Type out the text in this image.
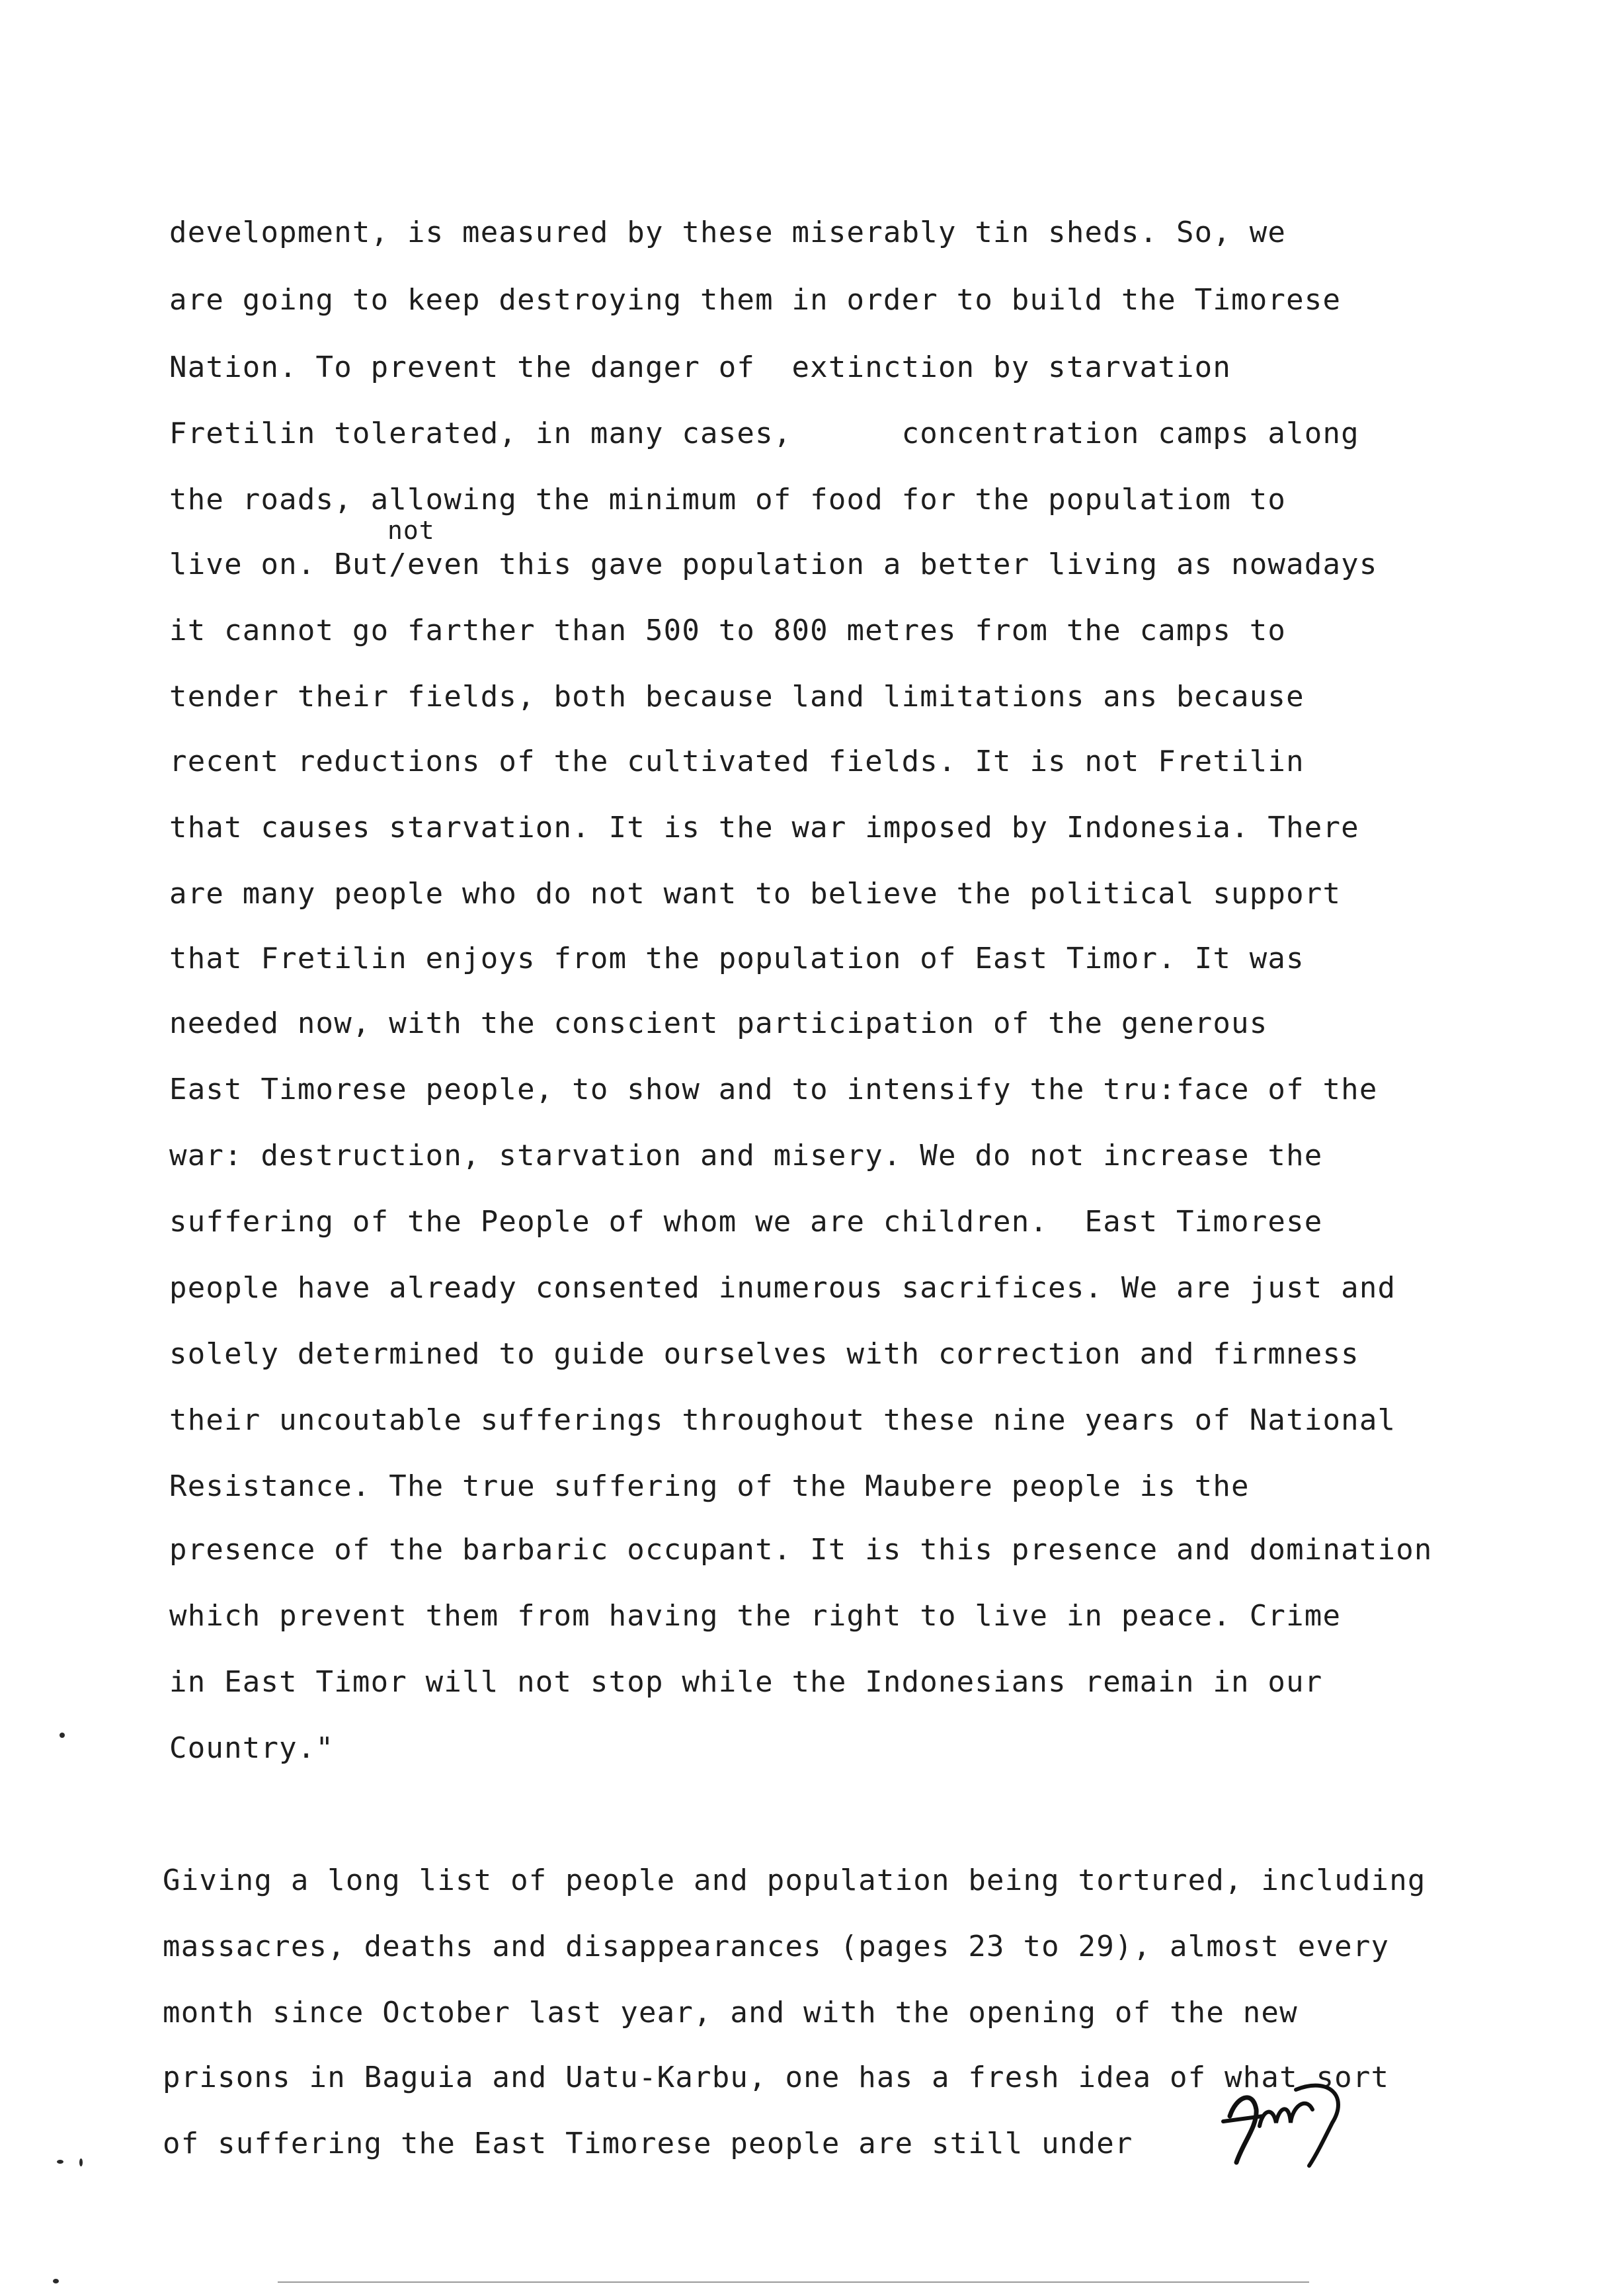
development, is measured by these miserably tin sheds. So, we
are going to keep destroying them in order to build the Timorese
Nation. To prevent the danger of  extinction by starvation
Fretilin tolerated, in many cases,      concentration camps along
the roads, allowing the minimum of food for the populatiom to
not
live on. But/even this gave population a better living as nowadays
it cannot go farther than 500 to 800 metres from the camps to
tender their fields, both because land limitations ans because
recent reductions of the cultivated fields. It is not Fretilin
that causes starvation. It is the war imposed by Indonesia. There
are many people who do not want to believe the political support
that Fretilin enjoys from the population of East Timor. It was
needed now, with the conscient participation of the generous
East Timorese people, to show and to intensify the tru:face of the
war: destruction, starvation and misery. We do not increase the
suffering of the People of whom we are children.  East Timorese
people have already consented inumerous sacrifices. We are just and
solely determined to guide ourselves with correction and firmness
their uncoutable sufferings throughout these nine years of National
Resistance. The true suffering of the Maubere people is the
presence of the barbaric occupant. It is this presence and domination
which prevent them from having the right to live in peace. Crime
in East Timor will not stop while the Indonesians remain in our
Country."
Giving a long list of people and population being tortured, including
massacres, deaths and disappearances (pages 23 to 29), almost every
month since October last year, and with the opening of the new
prisons in Baguia and Uatu-Karbu, one has a fresh idea of what sort
of suffering the East Timorese people are still under
